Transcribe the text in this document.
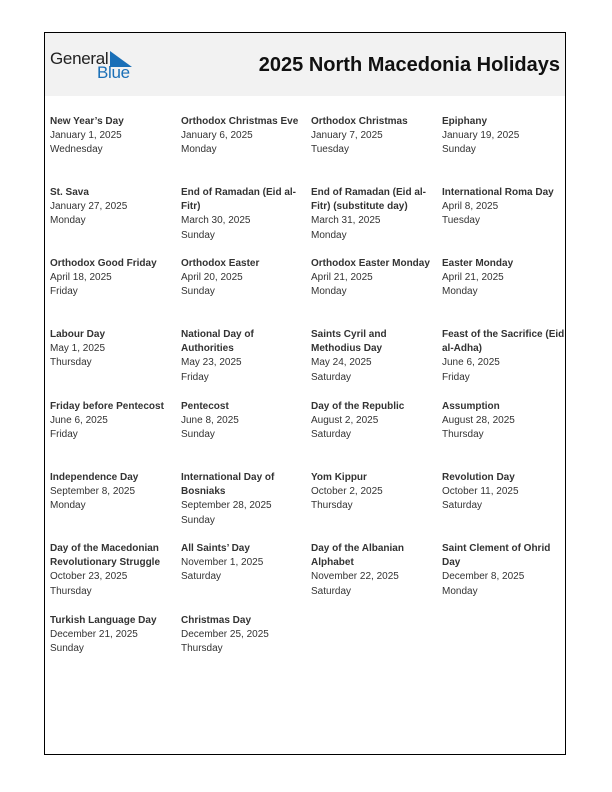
General
Blue	2025 North Macedonia Holidays
New Year’s Day
January 1, 2025
Wednesday
Orthodox Christmas Eve
January 6, 2025
Monday
Orthodox Christmas
January 7, 2025
Tuesday
Epiphany
January 19, 2025
Sunday
St. Sava
January 27, 2025
Monday
End of Ramadan (Eid al-Fitr)
March 30, 2025
Sunday
End of Ramadan (Eid al-Fitr) (substitute day)
March 31, 2025
Monday
International Roma Day
April 8, 2025
Tuesday
Orthodox Good Friday
April 18, 2025
Friday
Orthodox Easter
April 20, 2025
Sunday
Orthodox Easter Monday
April 21, 2025
Monday
Easter Monday
April 21, 2025
Monday
Labour Day
May 1, 2025
Thursday
National Day of Authorities
May 23, 2025
Friday
Saints Cyril and Methodius Day
May 24, 2025
Saturday
Feast of the Sacrifice (Eid al-Adha)
June 6, 2025
Friday
Friday before Pentecost
June 6, 2025
Friday
Pentecost
June 8, 2025
Sunday
Day of the Republic
August 2, 2025
Saturday
Assumption
August 28, 2025
Thursday
Independence Day
September 8, 2025
Monday
International Day of Bosniaks
September 28, 2025
Sunday
Yom Kippur
October 2, 2025
Thursday
Revolution Day
October 11, 2025
Saturday
Day of the Macedonian Revolutionary Struggle
October 23, 2025
Thursday
All Saints’ Day
November 1, 2025
Saturday
Day of the Albanian Alphabet
November 22, 2025
Saturday
Saint Clement of Ohrid Day
December 8, 2025
Monday
Turkish Language Day
December 21, 2025
Sunday
Christmas Day
December 25, 2025
Thursday
